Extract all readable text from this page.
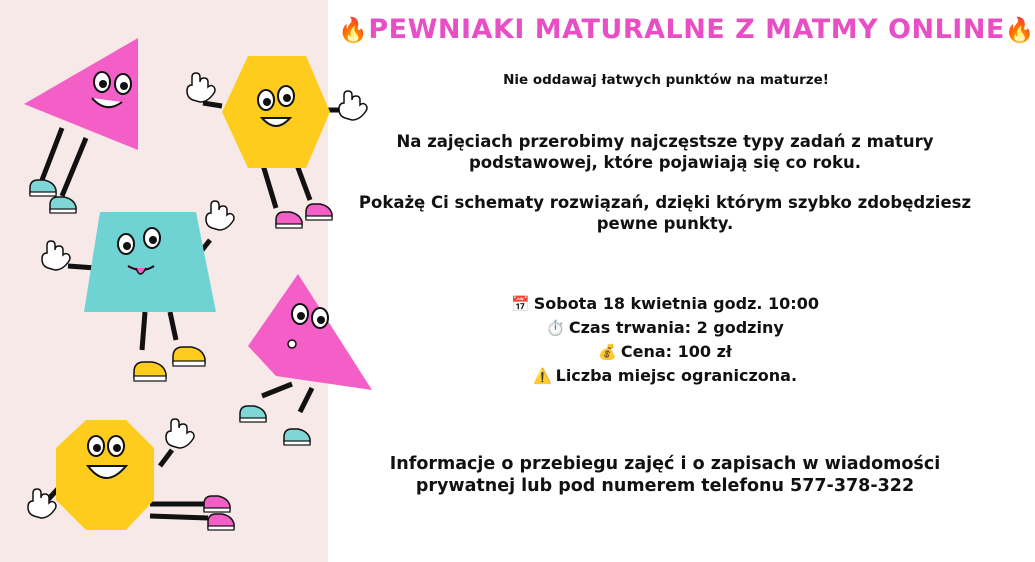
🔥PEWNIAKI MATURALNE Z MATMY ONLINE🔥
Nie oddawaj łatwych punktów na maturze!
Na zajęciach przerobimy najczęstsze typy zadań z matury podstawowej, które pojawiają się co roku.
Pokażę Ci schematy rozwiązań, dzięki którym szybko zdobędziesz pewne punkty.
📅 Sobota 18 kwietnia godz. 10:00
⏱️ Czas trwania: 2 godziny
💰 Cena: 100 zł
⚠️ Liczba miejsc ograniczona.
Informacje o przebiegu zajęć i o zapisach w wiadomości prywatnej lub pod numerem telefonu 577-378-322
